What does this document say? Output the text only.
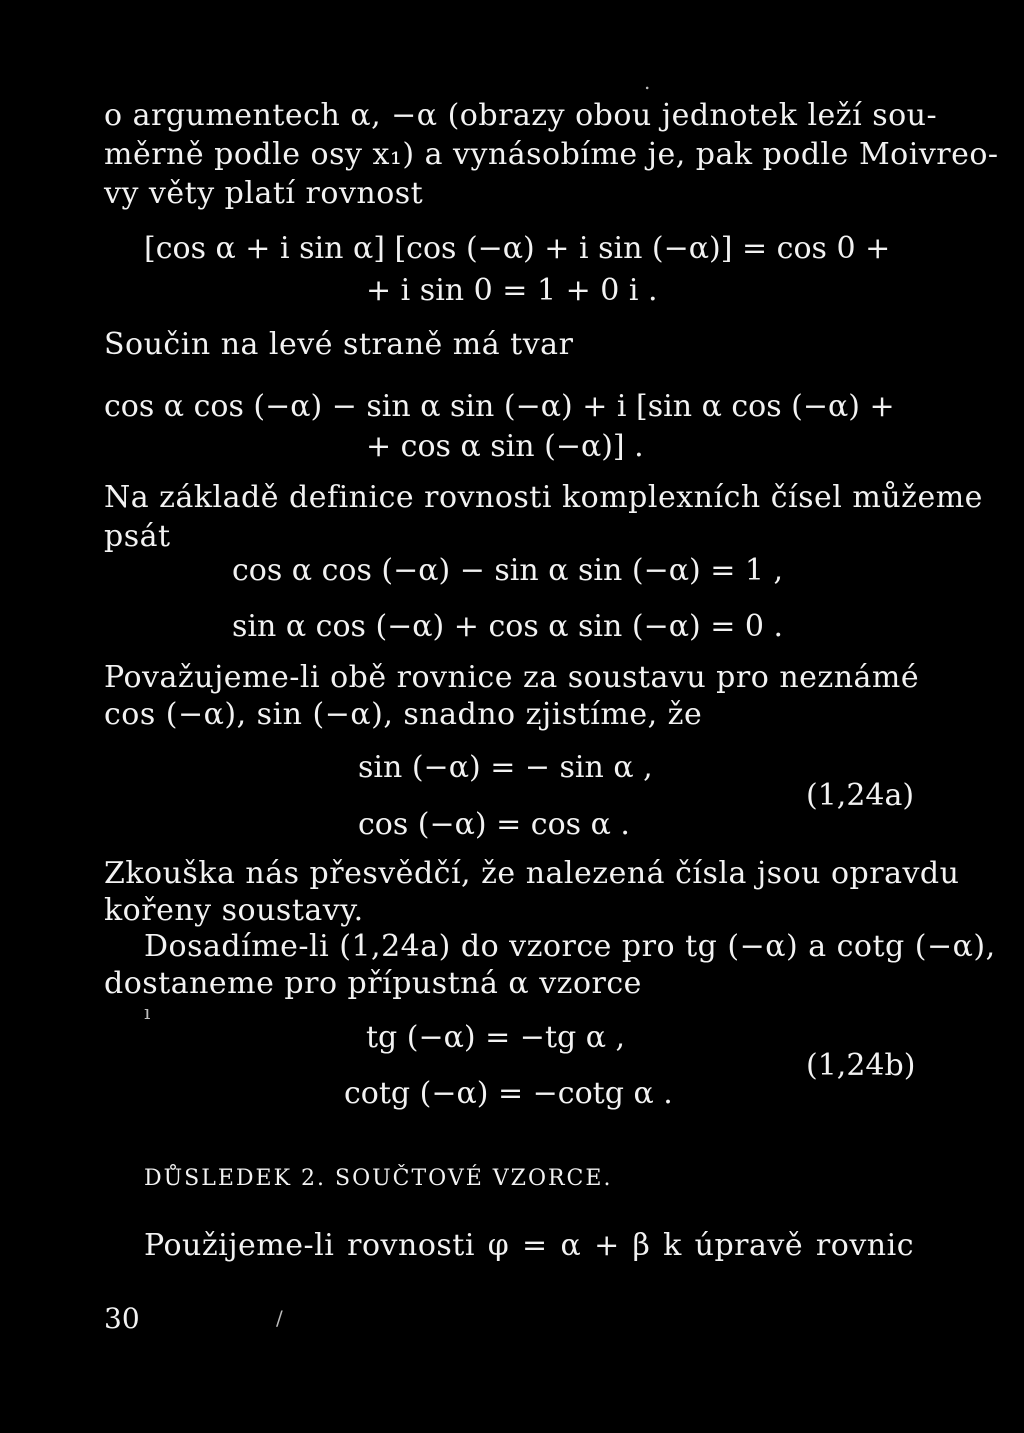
.
o argumentech α, −α (obrazy obou jednotek leží sou-
měrně podle osy x₁) a vynásobíme je, pak podle Moivreo-
vy věty platí rovnost
[cos α + i sin α] [cos (−α) + i sin (−α)] = cos 0 +
+ i sin 0 = 1 + 0 i .
Součin na levé straně má tvar
cos α cos (−α) − sin α sin (−α) + i [sin α cos (−α) +
+ cos α sin (−α)] .
Na základě definice rovnosti komplexních čísel můžeme
psát
cos α cos (−α) − sin α sin (−α) = 1 ,
sin α cos (−α) + cos α sin (−α) = 0 .
Považujeme-li obě rovnice za soustavu pro neznámé
cos (−α), sin (−α), snadno zjistíme, že
sin (−α) = − sin α ,
cos (−α) = cos α .
(1,24a)
Zkouška nás přesvědčí, že nalezená čísla jsou opravdu
kořeny soustavy.
Dosadíme-li (1,24a) do vzorce pro tg (−α) a cotg (−α),
dostaneme pro přípustná α vzorce
ı
tg (−α) = −tg α ,
cotg (−α) = −cotg α .
(1,24b)
DŮSLEDEK 2. SOUČTOVÉ VZORCE.
Použijeme-li rovnosti φ = α + β k úpravě rovnic
30	/
